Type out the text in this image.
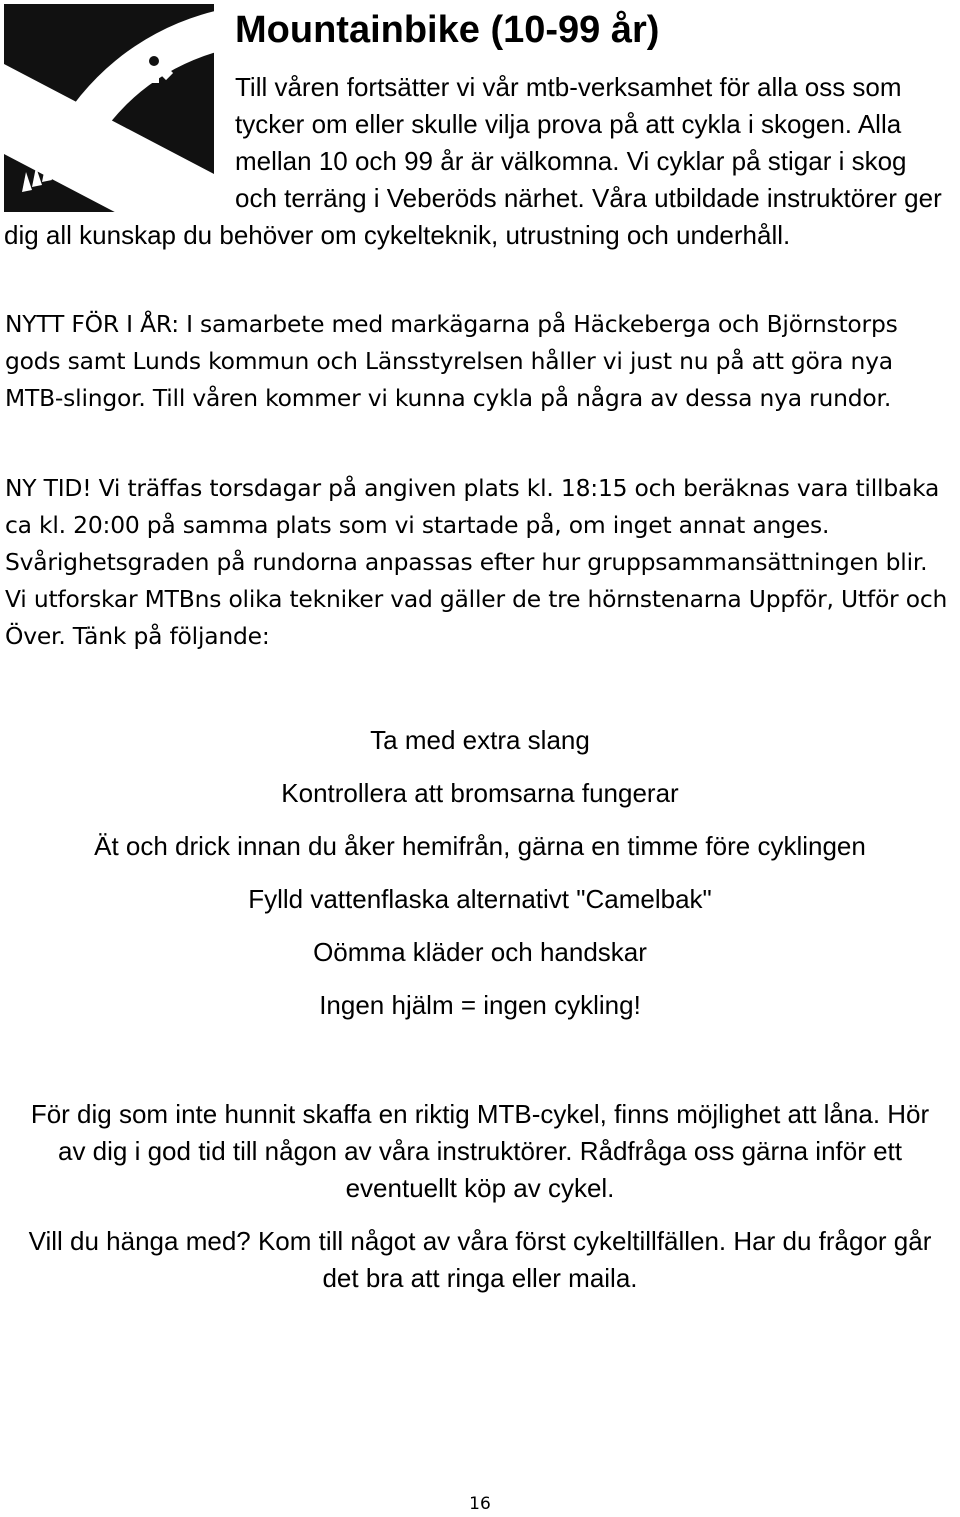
Mountainbike (10-99 år)

Till våren fortsätter vi vår mtb-verksamhet för alla oss som tycker om eller skulle vilja prova på att cykla i skogen. Alla mellan 10 och 99 år är välkomna. Vi cyklar på stigar i skog och terräng i Veberöds närhet. Våra utbildade instruktörer ger dig all kunskap du behöver om cykelteknik, utrustning och underhåll.

NYTT FÖR I ÅR: I samarbete med markägarna på Häckeberga och Björnstorps gods samt Lunds kommun och Länsstyrelsen håller vi just nu på att göra nya MTB-slingor. Till våren kommer vi kunna cykla på några av dessa nya rundor.

NY TID! Vi träffas torsdagar på angiven plats kl. 18:15 och beräknas vara tillbaka ca kl. 20:00 på samma plats som vi startade på, om inget annat anges. Svårighetsgraden på rundorna anpassas efter hur gruppsammansättningen blir. Vi utforskar MTBns olika tekniker vad gäller de tre hörnstenarna Uppför, Utför och Över. Tänk på följande:

Ta med extra slang
Kontrollera att bromsarna fungerar
Ät och drick innan du åker hemifrån, gärna en timme före cyklingen
Fylld vattenflaska alternativt "Camelbak"
Oömma kläder och handskar
Ingen hjälm = ingen cykling!

För dig som inte hunnit skaffa en riktig MTB-cykel, finns möjlighet att låna. Hör av dig i god tid till någon av våra instruktörer. Rådfråga oss gärna inför ett eventuellt köp av cykel.

Vill du hänga med? Kom till något av våra först cykeltillfällen. Har du frågor går det bra att ringa eller maila.

16
